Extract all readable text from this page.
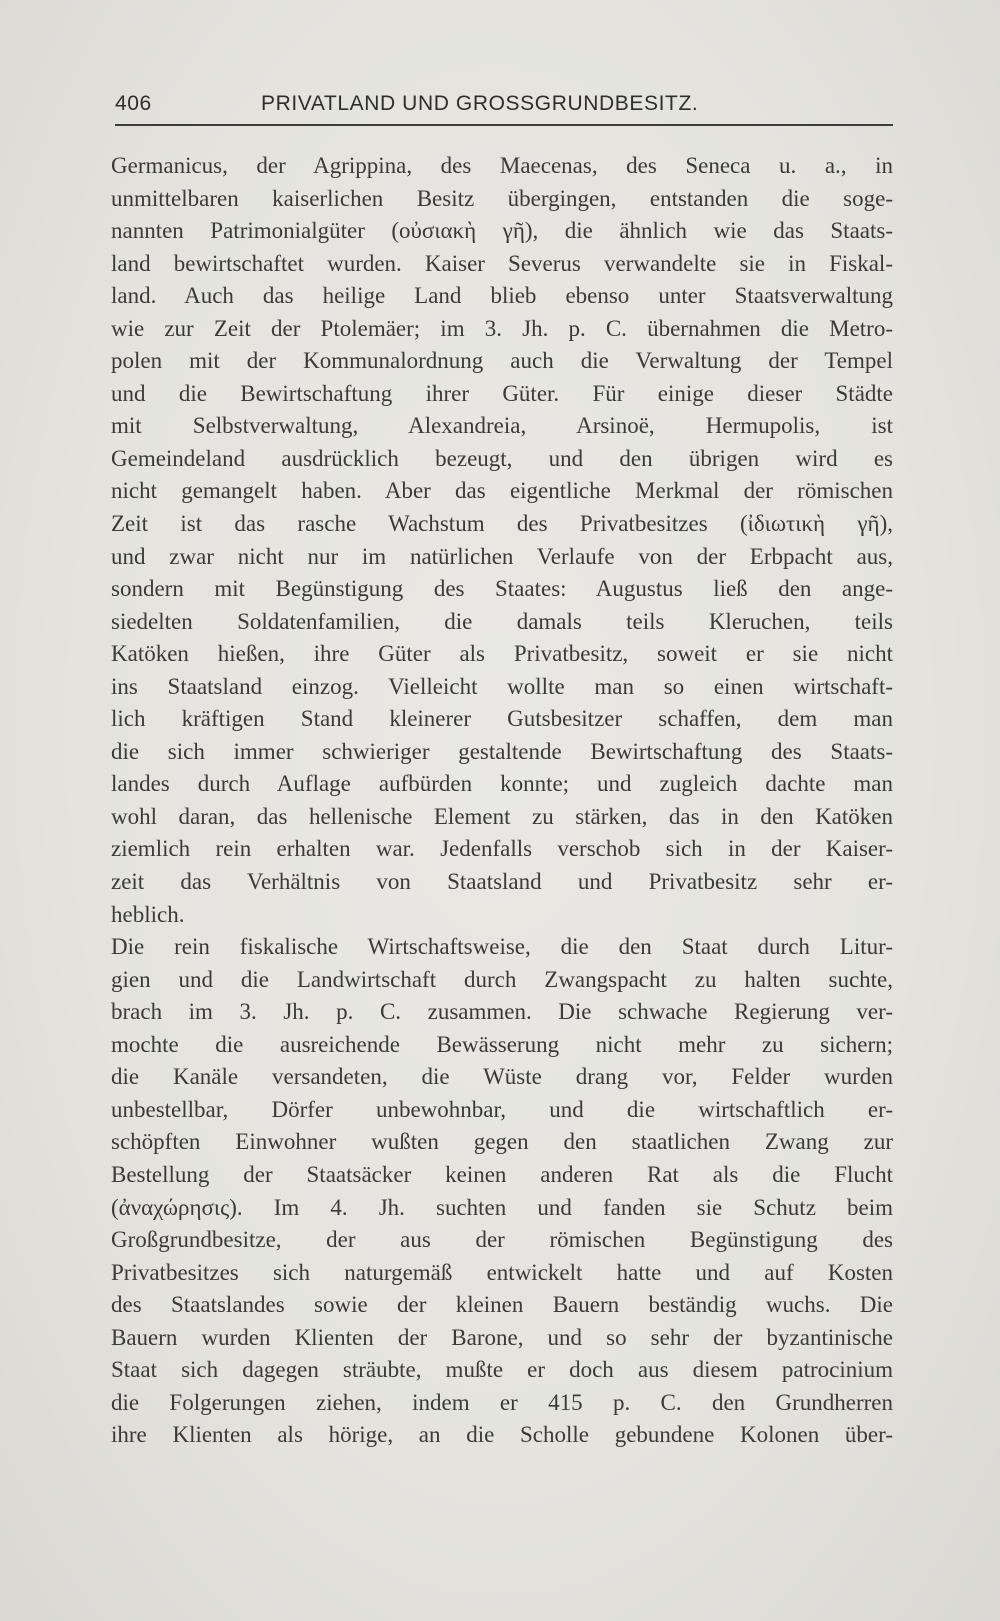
406	PRIVATLAND UND GROSSGRUNDBESITZ.
Germanicus, der Agrippina, des Maecenas, des Seneca u. a., in
unmittelbaren kaiserlichen Besitz übergingen, entstanden die soge-
nannten Patrimonialgüter (οὐσιακὴ γῆ), die ähnlich wie das Staats-
land bewirtschaftet wurden. Kaiser Severus verwandelte sie in Fiskal-
land. Auch das heilige Land blieb ebenso unter Staatsverwaltung
wie zur Zeit der Ptolemäer; im 3. Jh. p. C. übernahmen die Metro-
polen mit der Kommunalordnung auch die Verwaltung der Tempel
und die Bewirtschaftung ihrer Güter. Für einige dieser Städte
mit Selbstverwaltung, Alexandreia, Arsinoë, Hermupolis, ist
Gemeindeland ausdrücklich bezeugt, und den übrigen wird es
nicht gemangelt haben. Aber das eigentliche Merkmal der römischen
Zeit ist das rasche Wachstum des Privatbesitzes (ἰδιωτικὴ γῆ),
und zwar nicht nur im natürlichen Verlaufe von der Erbpacht aus,
sondern mit Begünstigung des Staates: Augustus ließ den ange-
siedelten Soldatenfamilien, die damals teils Kleruchen, teils
Katöken hießen, ihre Güter als Privatbesitz, soweit er sie nicht
ins Staatsland einzog. Vielleicht wollte man so einen wirtschaft-
lich kräftigen Stand kleinerer Gutsbesitzer schaffen, dem man
die sich immer schwieriger gestaltende Bewirtschaftung des Staats-
landes durch Auflage aufbürden konnte; und zugleich dachte man
wohl daran, das hellenische Element zu stärken, das in den Katöken
ziemlich rein erhalten war. Jedenfalls verschob sich in der Kaiser-
zeit das Verhältnis von Staatsland und Privatbesitz sehr er-
heblich.
Die rein fiskalische Wirtschaftsweise, die den Staat durch Litur-
gien und die Landwirtschaft durch Zwangspacht zu halten suchte,
brach im 3. Jh. p. C. zusammen. Die schwache Regierung ver-
mochte die ausreichende Bewässerung nicht mehr zu sichern;
die Kanäle versandeten, die Wüste drang vor, Felder wurden
unbestellbar, Dörfer unbewohnbar, und die wirtschaftlich er-
schöpften Einwohner wußten gegen den staatlichen Zwang zur
Bestellung der Staatsäcker keinen anderen Rat als die Flucht
(ἀναχώρησις). Im 4. Jh. suchten und fanden sie Schutz beim
Großgrundbesitze, der aus der römischen Begünstigung des
Privatbesitzes sich naturgemäß entwickelt hatte und auf Kosten
des Staatslandes sowie der kleinen Bauern beständig wuchs. Die
Bauern wurden Klienten der Barone, und so sehr der byzantinische
Staat sich dagegen sträubte, mußte er doch aus diesem patrocinium
die Folgerungen ziehen, indem er 415 p. C. den Grundherren
ihre Klienten als hörige, an die Scholle gebundene Kolonen über-
